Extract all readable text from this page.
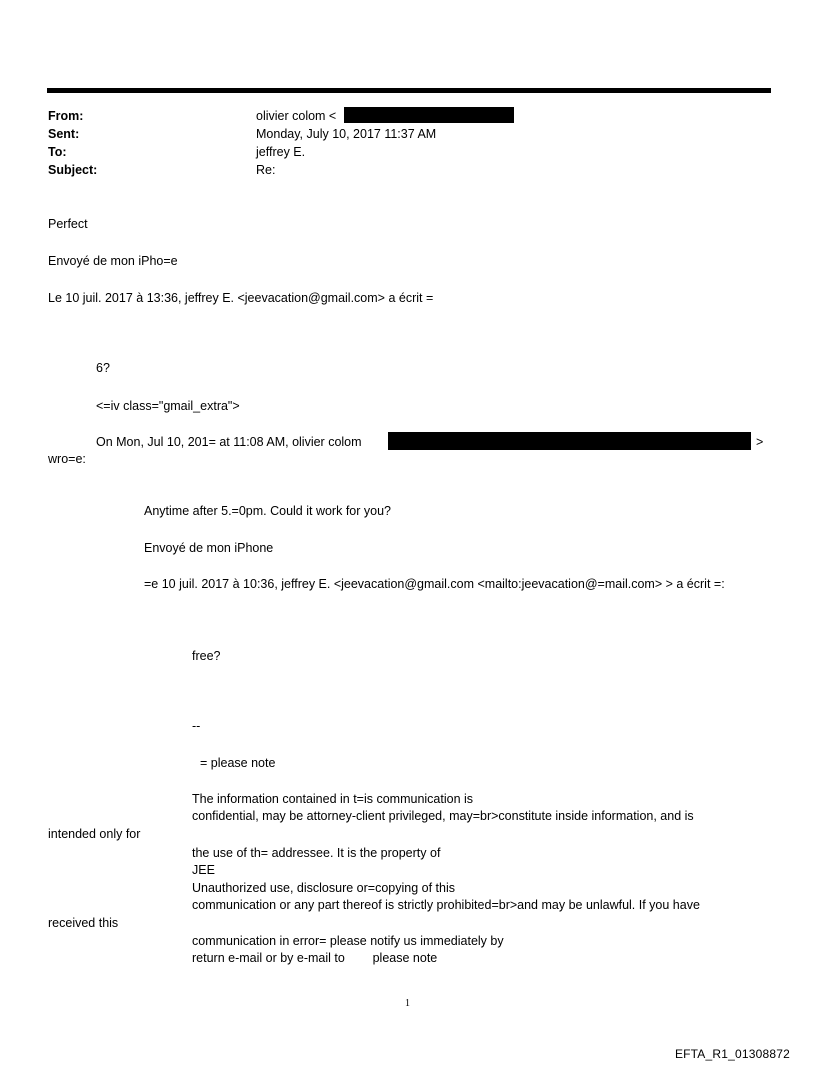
From:	olivier colom <
Sent:	Monday, July 10, 2017 11:37 AM
To:	jeffrey E.
Subject:	Re:
Perfect
Envoyé de mon iPho=e
Le 10 juil. 2017 à 13:36, jeffrey E. <jeevacation@gmail.com> a écrit =
6?
<=iv class="gmail_extra">
On Mon, Jul 10, 201= at 11:08 AM, olivier colom	>
wro=e:
Anytime after 5.=0pm. Could it work for you?
Envoyé de mon iPhone
=e 10 juil. 2017 à 10:36, jeffrey E. <jeevacation@gmail.com <mailto:jeevacation@=mail.com> > a écrit =:
free?
--
= please note
The information contained in t=is communication is
confidential, may be attorney-client privileged, may=br>constitute inside information, and is
intended only for
the use of th= addressee. It is the property of
JEE
Unauthorized use, disclosure or=copying of this
communication or any part thereof is strictly prohibited=br>and may be unlawful. If you have
received this
communication in error= please notify us immediately by
return e-mail or by e-mail to        please note
1
EFTA_R1_01308872
